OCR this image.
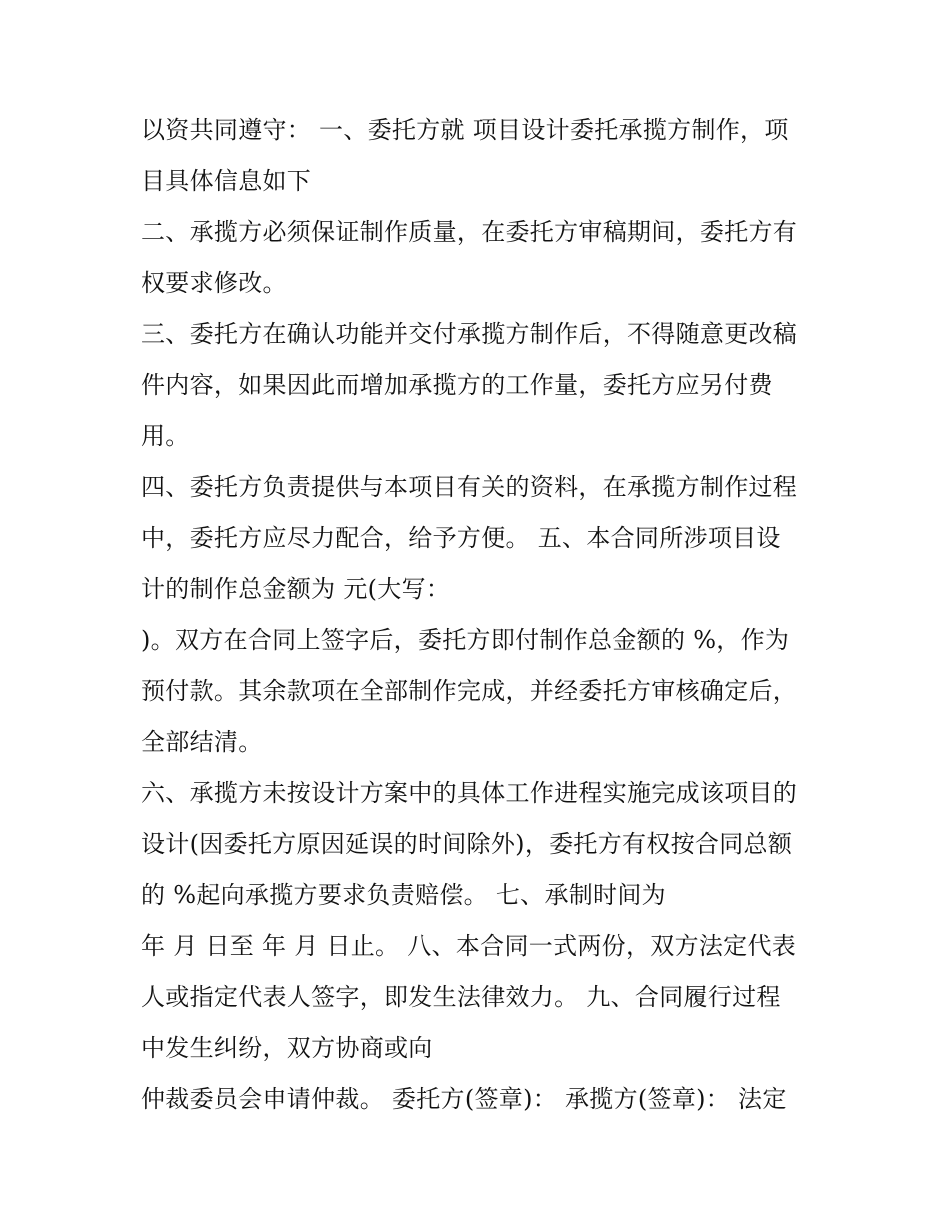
以资共同遵守： 一、委托方就 项目设计委托承揽方制作，项
目具体信息如下
二、承揽方必须保证制作质量，在委托方审稿期间，委托方有
权要求修改。
三、委托方在确认功能并交付承揽方制作后，不得随意更改稿
件内容，如果因此而增加承揽方的工作量，委托方应另付费
用。
四、委托方负责提供与本项目有关的资料，在承揽方制作过程
中，委托方应尽力配合，给予方便。 五、本合同所涉项目设
计的制作总金额为 元(大写：
)。双方在合同上签字后，委托方即付制作总金额的 %，作为
预付款。其余款项在全部制作完成，并经委托方审核确定后，
全部结清。
六、承揽方未按设计方案中的具体工作进程实施完成该项目的
设计(因委托方原因延误的时间除外)，委托方有权按合同总额
的 %起向承揽方要求负责赔偿。 七、承制时间为
年 月 日至 年 月 日止。 八、本合同一式两份，双方法定代表
人或指定代表人签字，即发生法律效力。 九、合同履行过程
中发生纠纷，双方协商或向
仲裁委员会申请仲裁。 委托方(签章)： 承揽方(签章)： 法定
